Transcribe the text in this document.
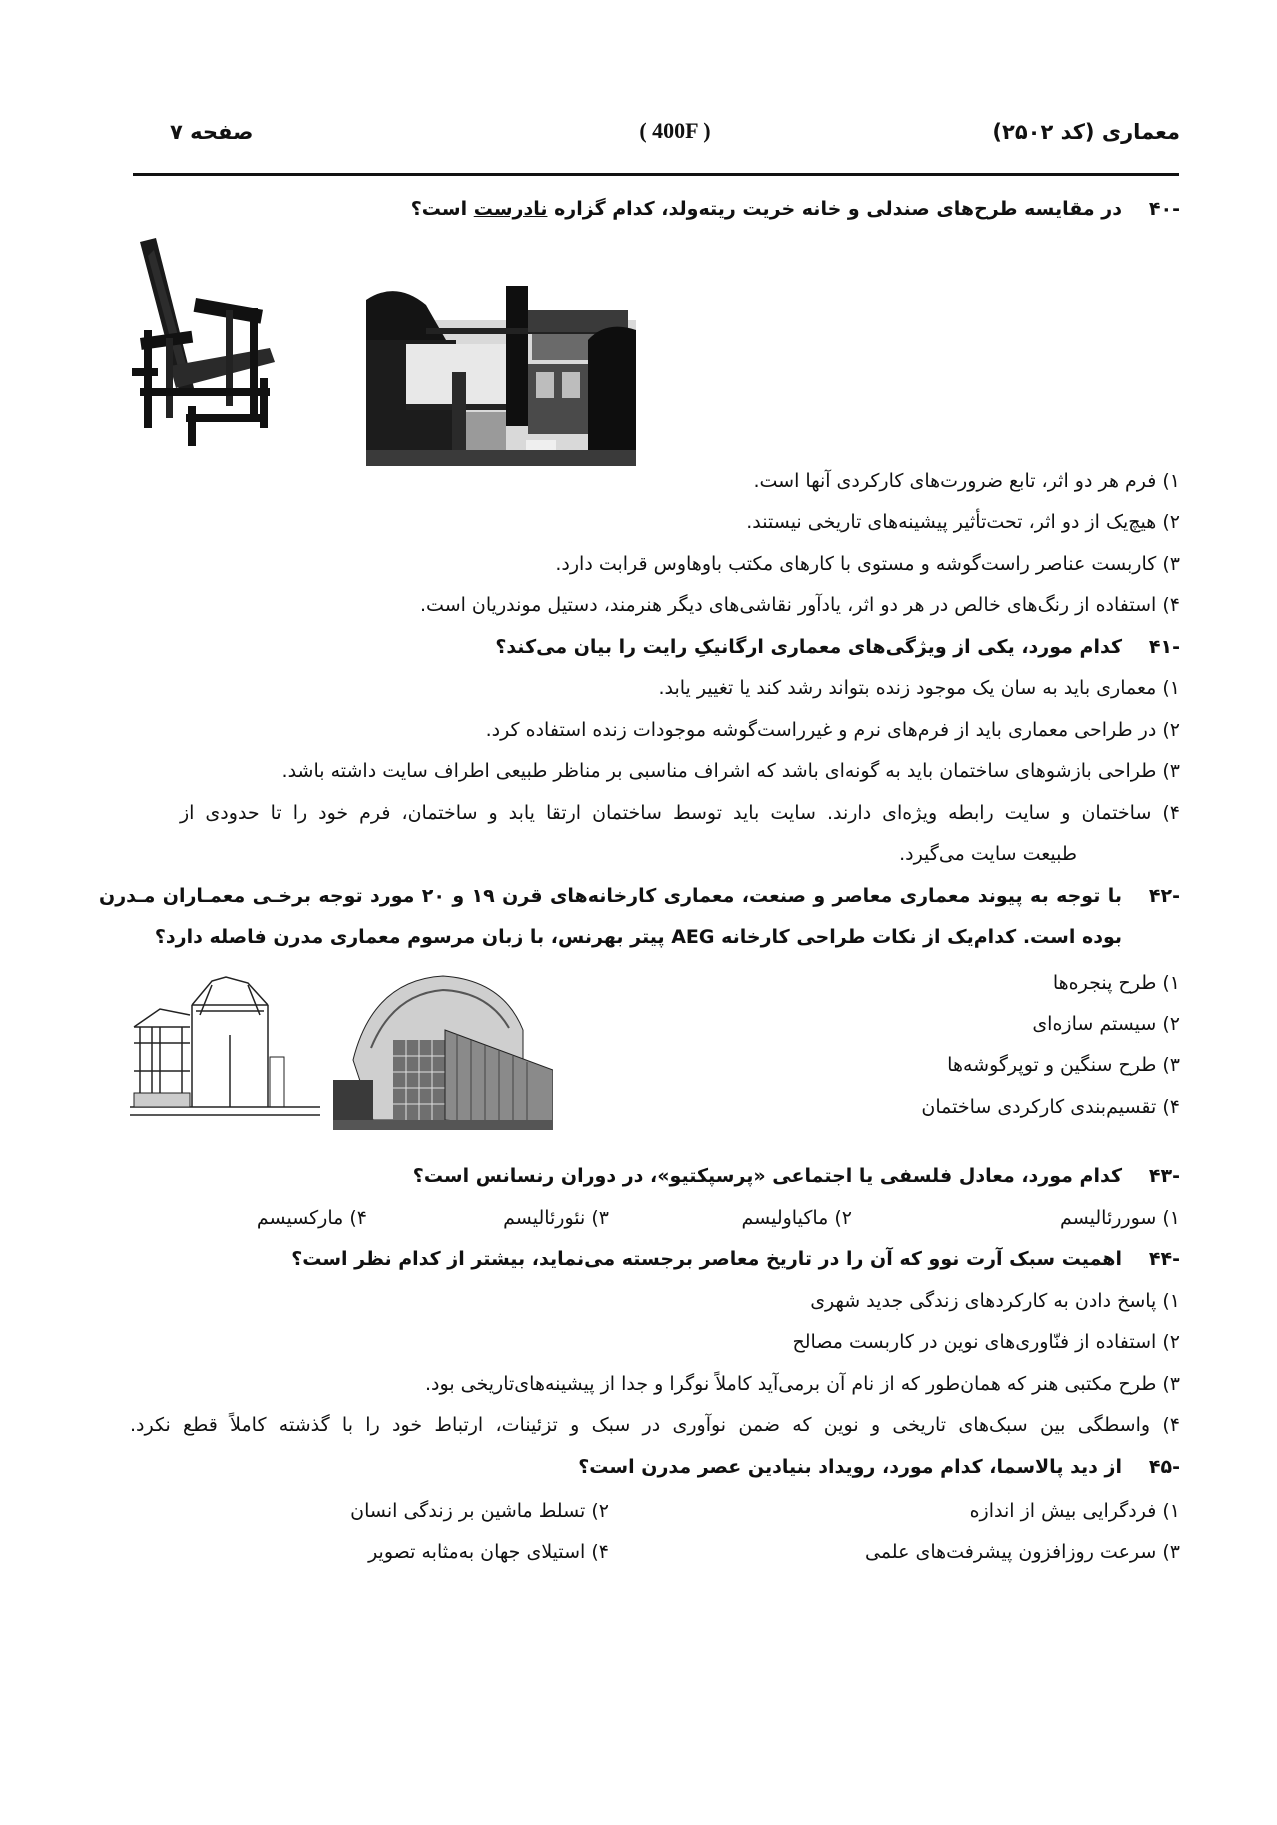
معماری (کد ۲۵۰۲)
( 400F )
صفحه ۷
-۴۰
در مقایسه طرح‌های صندلی و خانه خریت ریته‌ولد، کدام گزاره نادرست است؟
۱) فرم هر دو اثر، تابع ضرورت‌های کارکردی آنها است.
۲) هیچ‌یک از دو اثر، تحت‌تأثیر پیشینه‌های تاریخی نیستند.
۳) کاربست عناصر راست‌گوشه و مستوی با کارهای مکتب باوهاوس قرابت دارد.
۴) استفاده از رنگ‌های خالص در هر دو اثر، یادآور نقاشی‌های دیگر هنرمند، دستیل موندریان است.
-۴۱
کدام مورد، یکی از ویژگی‌های معماری ارگانیکِ رایت را بیان می‌کند؟
۱) معماری باید به سان یک موجود زنده بتواند رشد کند یا تغییر یابد.
۲) در طراحی معماری باید از فرم‌های نرم و غیرراست‌گوشه موجودات زنده استفاده کرد.
۳) طراحی بازشوهای ساختمان باید به گونه‌ای باشد که اشراف مناسبی بر مناظر طبیعی اطراف سایت داشته باشد.
۴) ساختمان و سایت رابطه ویژه‌ای دارند. سایت باید توسط ساختمان ارتقا یابد و ساختمان، فرم خود را تا حدودی از
طبیعت سایت می‌گیرد.
-۴۲
با توجه به پیوند معماری معاصر و صنعت، معماری کارخانه‌های قرن ۱۹ و ۲۰ مورد توجه برخـی معمـاران مـدرن
بوده است. کدام‌یک از نکات طراحی کارخانه AEG پیتر بهرنس، با زبان مرسوم معماری مدرن فاصله دارد؟
۱) طرح پنجره‌ها
۲) سیستم سازه‌ای
۳) طرح سنگین و توپرگوشه‌ها
۴) تقسیم‌بندی کارکردی ساختمان
-۴۳
کدام مورد، معادل فلسفی یا اجتماعی «پرسپکتیو»، در دوران رنسانس است؟
۱) سوررئالیسم
۲) ماکیاولیسم
۳) نئورئالیسم
۴) مارکسیسم
-۴۴
اهمیت سبک آرت نوو که آن را در تاریخ معاصر برجسته می‌نماید، بیشتر از کدام نظر است؟
۱) پاسخ دادن به کارکردهای زندگی جدید شهری
۲) استفاده از فنّاوری‌های نوین در کاربست مصالح
۳) طرح مکتبی هنر که همان‌طور که از نام آن برمی‌آید کاملاً نوگرا و جدا از پیشینه‌های‌تاریخی بود.
۴) واسطگی بین سبک‌های تاریخی و نوین که ضمن نوآوری در سبک و تزئینات، ارتباط خود را با گذشته کاملاً قطع نکرد.
-۴۵
از دید پالاسما، کدام مورد، رویداد بنیادین عصر مدرن است؟
۱) فردگرایی بیش از اندازه
۲) تسلط ماشین بر زندگی انسان
۳) سرعت روزافزون پیشرفت‌های علمی
۴) استیلای جهان به‌مثابه تصویر
